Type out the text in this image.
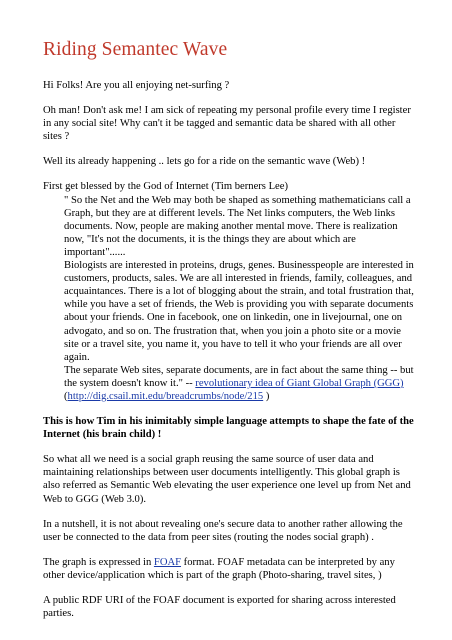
Riding Semantec Wave

Hi Folks! Are you all enjoying net-surfing ?

Oh man! Don't ask me! I am sick of repeating my personal profile every time I register in any social site! Why can't it be tagged and semantic data be shared with all other sites ?

Well its already happening .. lets go for a ride on the semantic wave (Web) !

First get blessed by the God of Internet (Tim berners Lee)

" So the Net and the Web may both be shaped as something mathematicians call a Graph, but they are at different levels. The Net links computers, the Web links documents. Now, people are making another mental move. There is realization now, "It's not the documents, it is the things they are about which are important"......
Biologists are interested in proteins, drugs, genes. Businesspeople are interested in customers, products, sales. We are all interested in friends, family, colleagues, and acquaintances. There is a lot of blogging about the strain, and total frustration that, while you have a set of friends, the Web is providing you with separate documents about your friends. One in facebook, one on linkedin, one in livejournal, one on advogato, and so on. The frustration that, when you join a photo site or a movie site or a travel site, you name it, you have to tell it who your friends are all over again.
The separate Web sites, separate documents, are in fact about the same thing -- but the system doesn't know it." -- revolutionary idea of Giant Global Graph (GGG)  (http://dig.csail.mit.edu/breadcrumbs/node/215 )

This is how Tim in his inimitably simple language attempts to shape the fate of the Internet (his brain child) !

So what all we need is a social graph reusing the same source of user data and maintaining relationships between user documents intelligently. This global graph is also referred as Semantic Web elevating the user experience one level up from Net and Web to GGG (Web 3.0).

In a nutshell, it is not about revealing one's secure data to another rather allowing the user be connected to the data from peer sites (routing the nodes social graph) .

The graph is expressed in FOAF format. FOAF metadata can be interpreted by any other device/application which is part of the graph (Photo-sharing, travel sites, )

A public RDF URI of the FOAF document is exported for sharing across interested parties.
